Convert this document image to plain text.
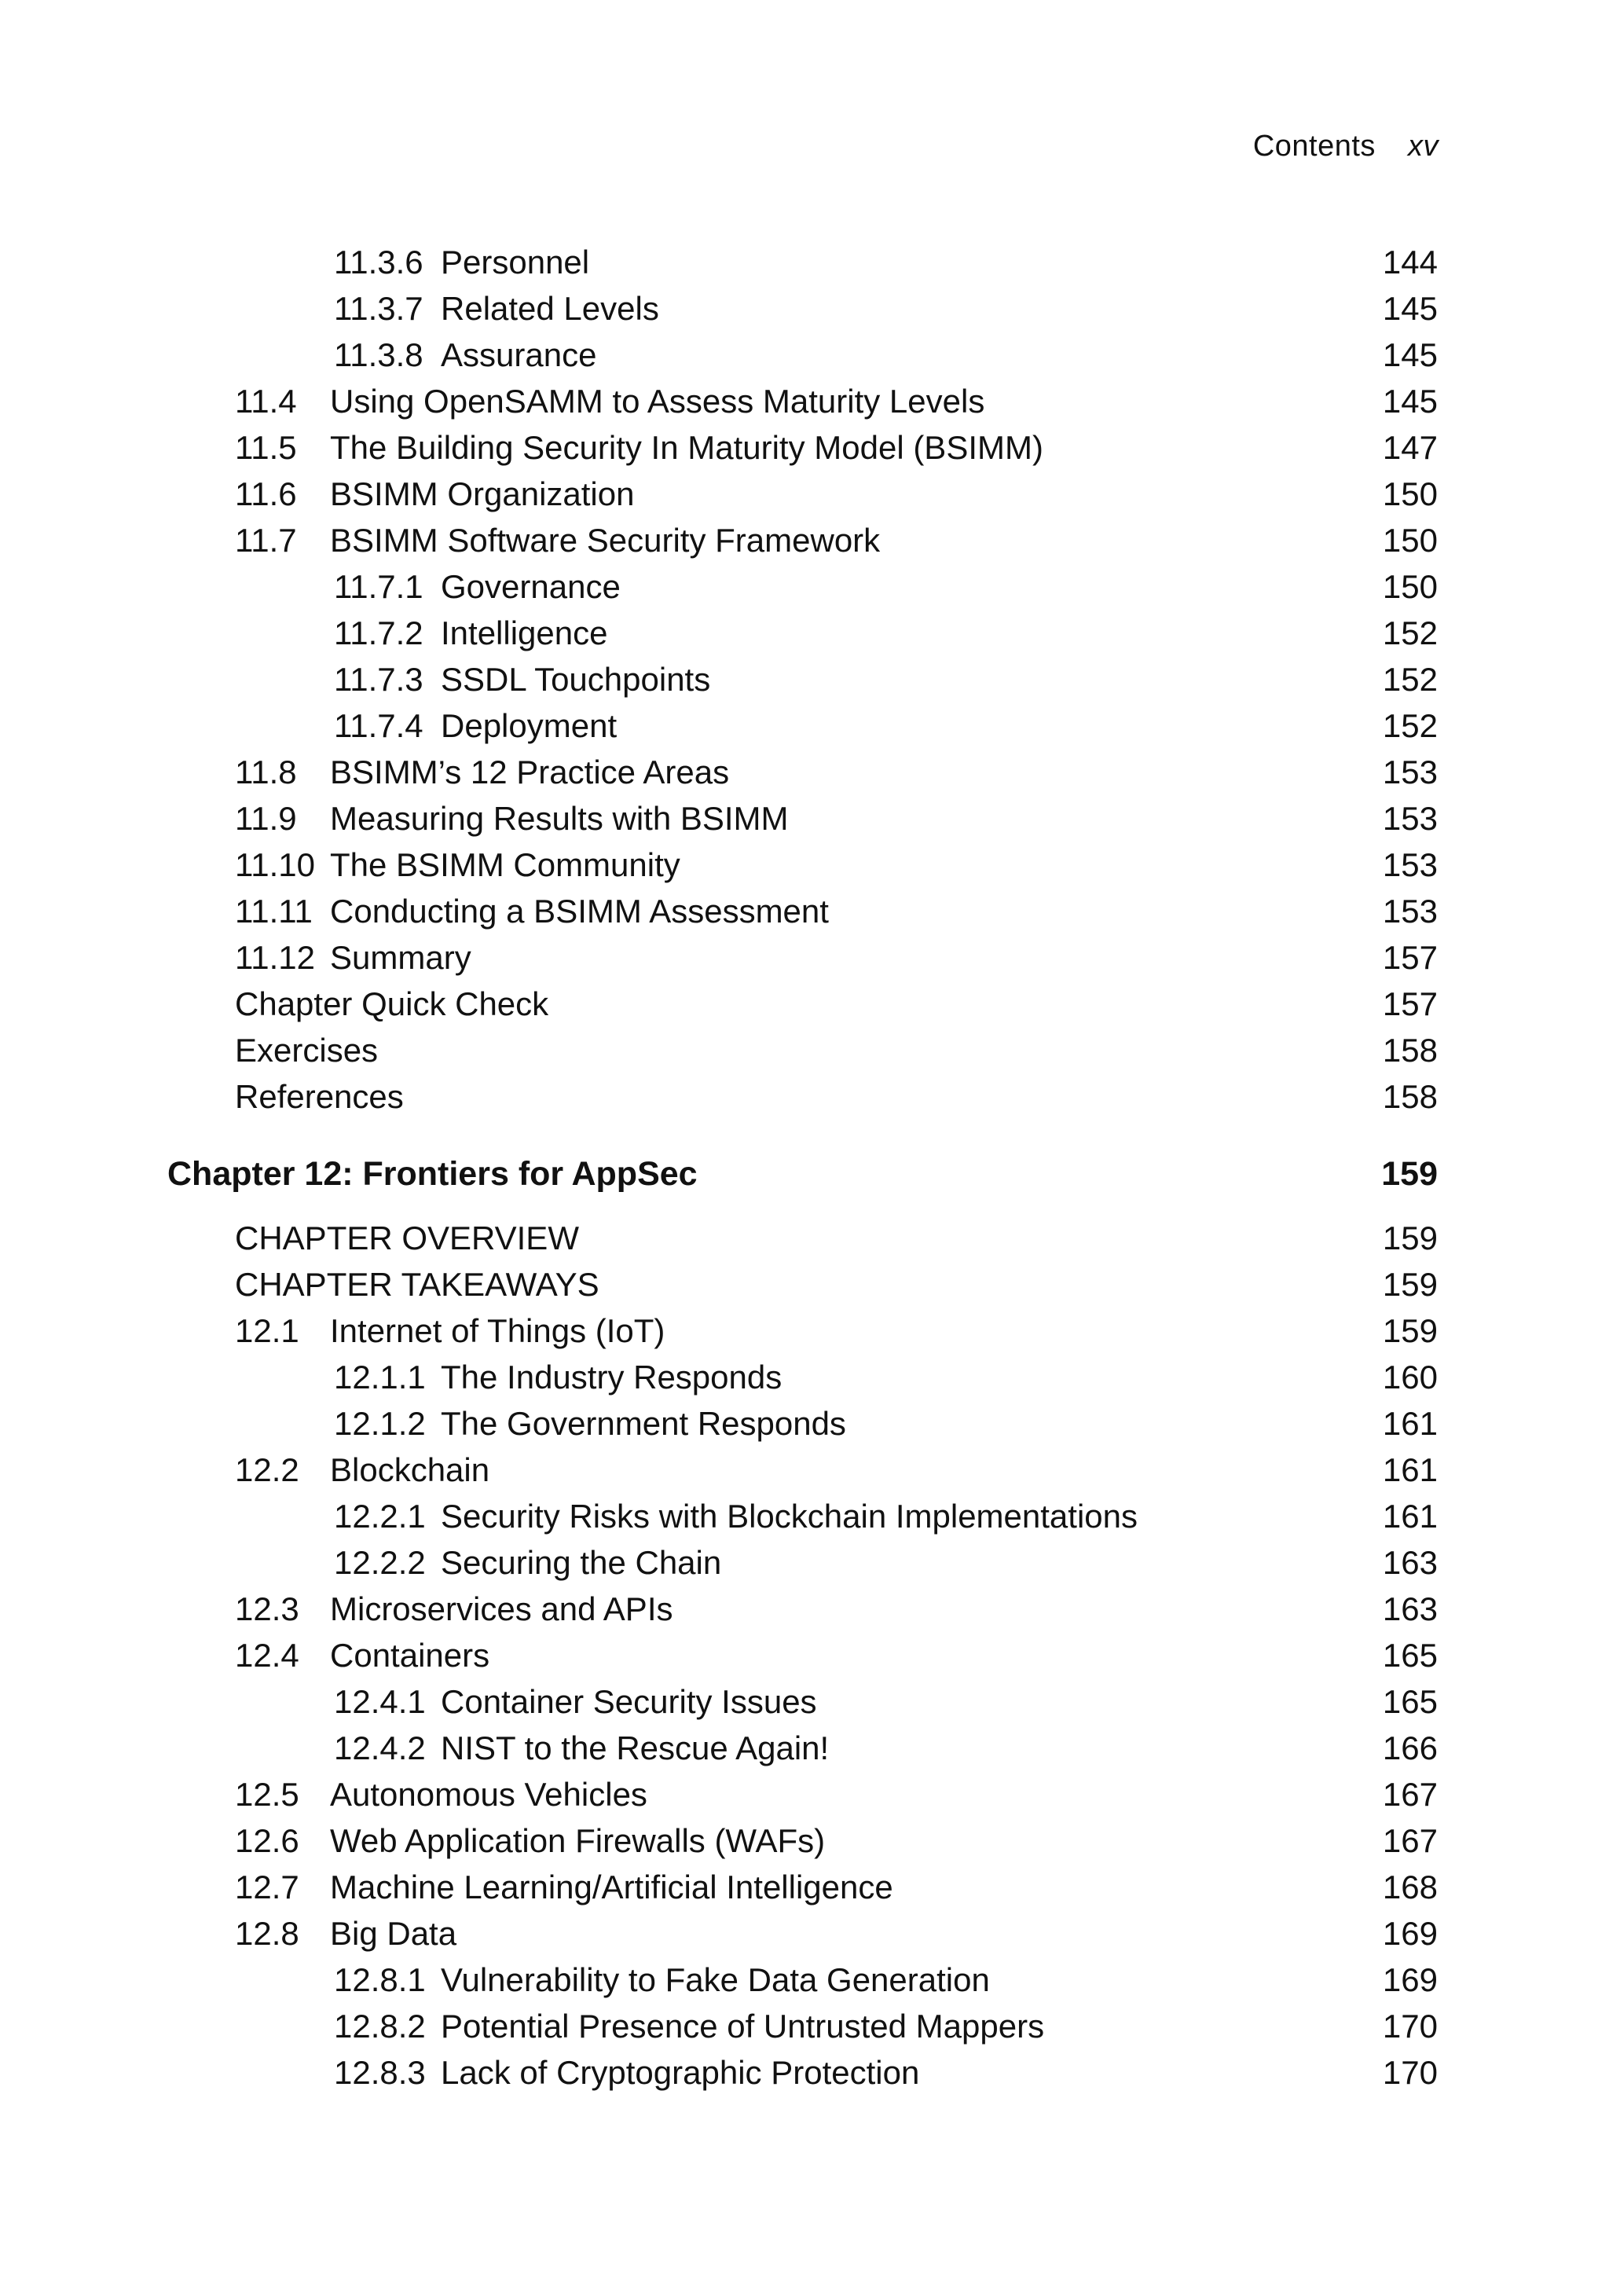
Contents xv
11.3.6 Personnel	144
11.3.7 Related Levels	145
11.3.8 Assurance	145
11.4 Using OpenSAMM to Assess Maturity Levels	145
11.5 The Building Security In Maturity Model (BSIMM)	147
11.6 BSIMM Organization	150
11.7 BSIMM Software Security Framework	150
11.7.1 Governance	150
11.7.2 Intelligence	152
11.7.3 SSDL Touchpoints	152
11.7.4 Deployment	152
11.8 BSIMM’s 12 Practice Areas	153
11.9 Measuring Results with BSIMM	153
11.10 The BSIMM Community	153
11.11 Conducting a BSIMM Assessment	153
11.12 Summary	157
Chapter Quick Check	157
Exercises	158
References	158
Chapter 12: Frontiers for AppSec	159
CHAPTER OVERVIEW	159
CHAPTER TAKEAWAYS	159
12.1 Internet of Things (IoT)	159
12.1.1 The Industry Responds	160
12.1.2 The Government Responds	161
12.2 Blockchain	161
12.2.1 Security Risks with Blockchain Implementations	161
12.2.2 Securing the Chain	163
12.3 Microservices and APIs	163
12.4 Containers	165
12.4.1 Container Security Issues	165
12.4.2 NIST to the Rescue Again!	166
12.5 Autonomous Vehicles	167
12.6 Web Application Firewalls (WAFs)	167
12.7 Machine Learning/Artificial Intelligence	168
12.8 Big Data	169
12.8.1 Vulnerability to Fake Data Generation	169
12.8.2 Potential Presence of Untrusted Mappers	170
12.8.3 Lack of Cryptographic Protection	170
